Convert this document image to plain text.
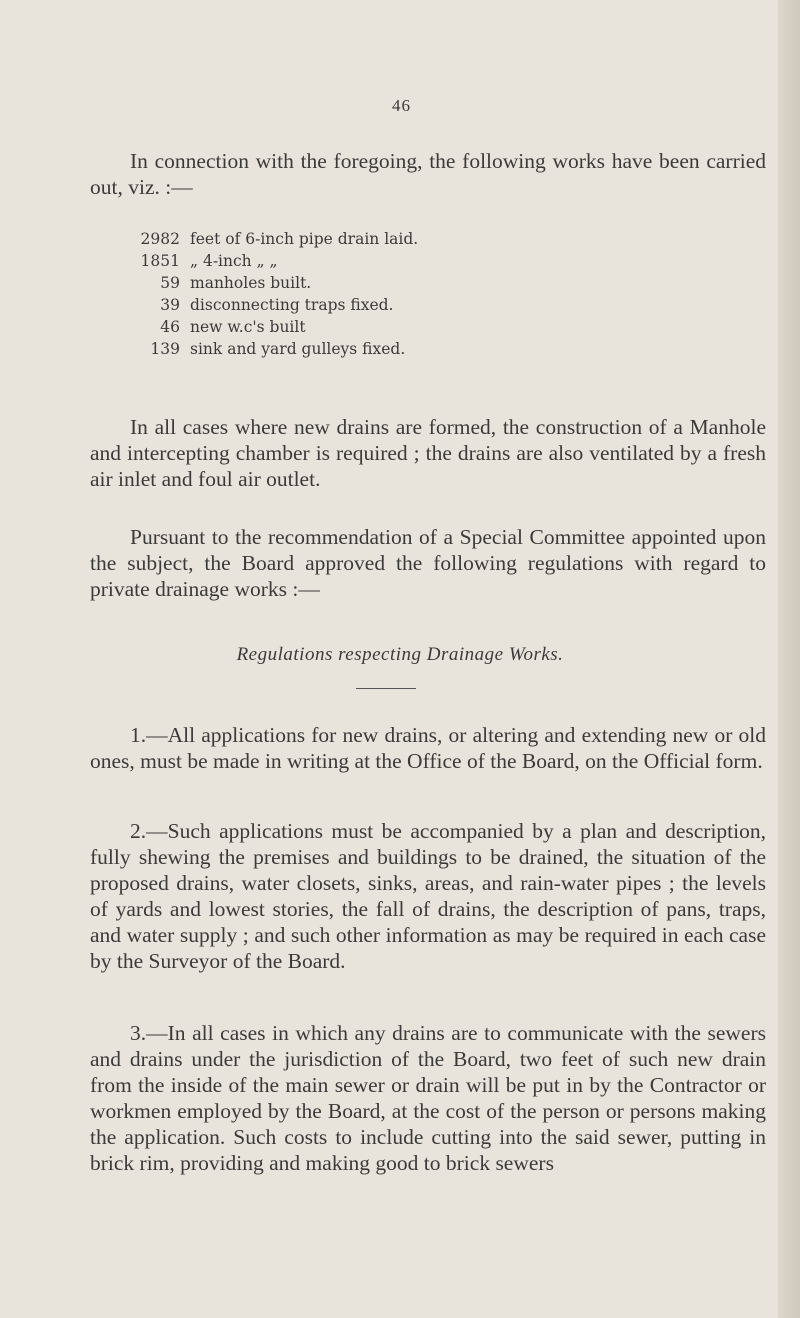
46

In connection with the foregoing, the following works have been carried out, viz. :—

2982 feet of 6-inch pipe drain laid.
1851 „ 4-inch „ „
59 manholes built.
39 disconnecting traps fixed.
46 new w.c's built
139 sink and yard gulleys fixed.

In all cases where new drains are formed, the construction of a Manhole and intercepting chamber is required ; the drains are also ventilated by a fresh air inlet and foul air outlet.

Pursuant to the recommendation of a Special Committee appointed upon the subject, the Board approved the following regulations with regard to private drainage works :—

Regulations respecting Drainage Works.

1.—All applications for new drains, or altering and extending new or old ones, must be made in writing at the Office of the Board, on the Official form.

2.—Such applications must be accompanied by a plan and description, fully shewing the premises and buildings to be drained, the situation of the proposed drains, water closets, sinks, areas, and rain-water pipes ; the levels of yards and lowest stories, the fall of drains, the description of pans, traps, and water supply ; and such other information as may be required in each case by the Surveyor of the Board.

3.—In all cases in which any drains are to communicate with the sewers and drains under the jurisdiction of the Board, two feet of such new drain from the inside of the main sewer or drain will be put in by the Contractor or workmen employed by the Board, at the cost of the person or persons making the application. Such costs to include cutting into the said sewer, putting in brick rim, providing and making good to brick sewers
